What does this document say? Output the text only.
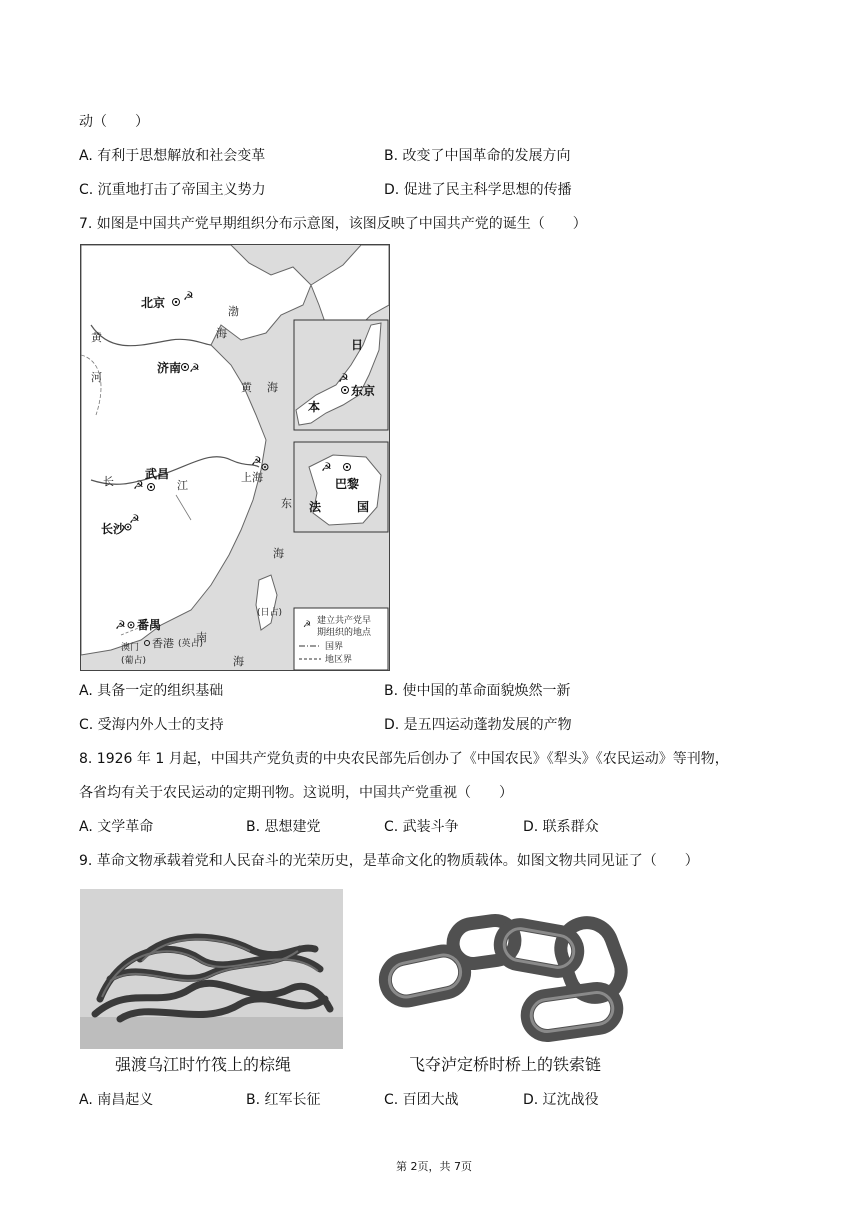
动（　　）
A. 有利于思想解放和社会变革	B. 改变了中国革命的发展方向
C. 沉重地打击了帝国主义势力	D. 促进了民主科学思想的传播
7. 如图是中国共产党早期组织分布示意图，该图反映了中国共产党的诞生（　　）
☭ 建立共产党早
期组织的地点
国界
地区界
渤
海
黄 海
东
海
南
海
黄
河
长	江
日
本
法	国
(日占)
北京 ☭
济南 ☭
武昌
☭
☭
上海
长沙
☭
☭ 番禺
香港 (英占)
澳门
(葡占)
☭
东京
☭
巴黎
A. 具备一定的组织基础	B. 使中国的革命面貌焕然一新
C. 受海内外人士的支持	D. 是五四运动蓬勃发展的产物
8. 1926 年 1 月起，中国共产党负责的中央农民部先后创办了《中国农民》《犁头》《农民运动》等刊物，
各省均有关于农民运动的定期刊物。这说明，中国共产党重视（　　）
A. 文学革命	B. 思想建党	C. 武装斗争	D. 联系群众
9. 革命文物承载着党和人民奋斗的光荣历史，是革命文化的物质载体。如图文物共同见证了（　　）
强渡乌江时竹筏上的棕绳	飞夺泸定桥时桥上的铁索链
A. 南昌起义	B. 红军长征	C. 百团大战	D. 辽沈战役
第 2页，共 7页
